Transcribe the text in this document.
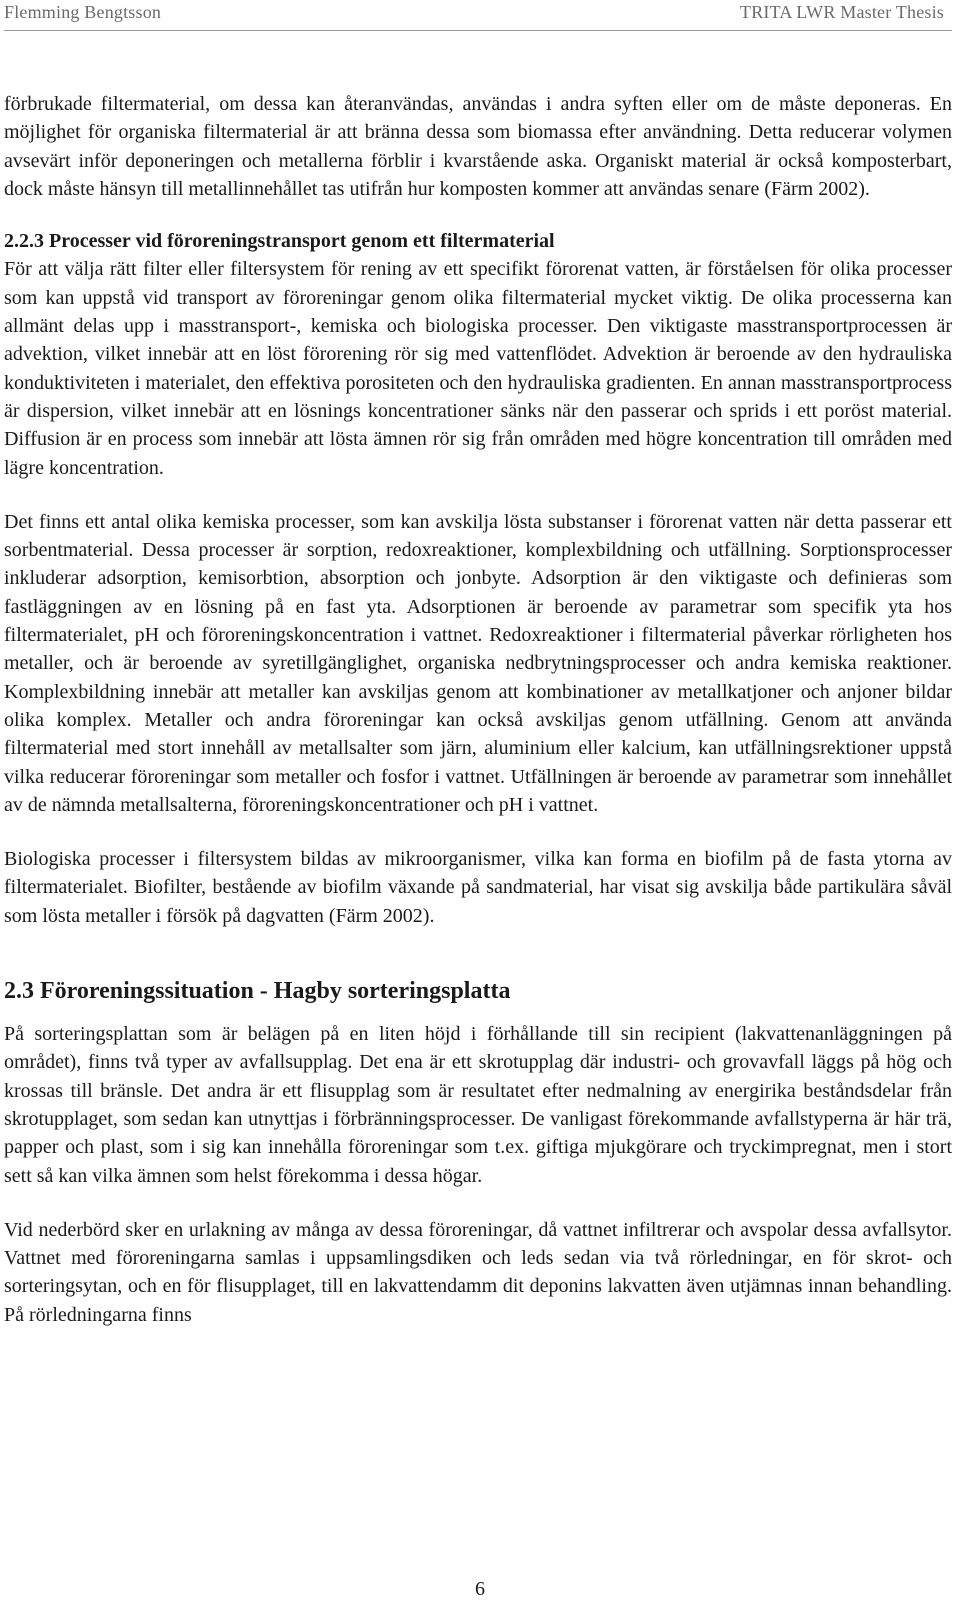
Flemming Bengtsson	TRITA LWR Master Thesis

förbrukade filtermaterial, om dessa kan återanvändas, användas i andra syften eller om de måste deponeras. En möjlighet för organiska filtermaterial är att bränna dessa som biomassa efter användning. Detta reducerar volymen avsevärt inför deponeringen och metallerna förblir i kvarstående aska. Organiskt material är också komposterbart, dock måste hänsyn till metallinnehållet tas utifrån hur komposten kommer att användas senare (Färm 2002).

2.2.3 Processer vid föroreningstransport genom ett filtermaterial

För att välja rätt filter eller filtersystem för rening av ett specifikt förorenat vatten, är förståelsen för olika processer som kan uppstå vid transport av föroreningar genom olika filtermaterial mycket viktig. De olika processerna kan allmänt delas upp i masstransport-, kemiska och biologiska processer. Den viktigaste masstransportprocessen är advektion, vilket innebär att en löst förorening rör sig med vattenflödet. Advektion är beroende av den hydrauliska konduktiviteten i materialet, den effektiva porositeten och den hydrauliska gradienten. En annan masstransportprocess är dispersion, vilket innebär att en lösnings koncentrationer sänks när den passerar och sprids i ett poröst material. Diffusion är en process som innebär att lösta ämnen rör sig från områden med högre koncentration till områden med lägre koncentration.

Det finns ett antal olika kemiska processer, som kan avskilja lösta substanser i förorenat vatten när detta passerar ett sorbentmaterial. Dessa processer är sorption, redoxreaktioner, komplexbildning och utfällning. Sorptionsprocesser inkluderar adsorption, kemisorbtion, absorption och jonbyte. Adsorption är den viktigaste och definieras som fastläggningen av en lösning på en fast yta. Adsorptionen är beroende av parametrar som specifik yta hos filtermaterialet, pH och föroreningskoncentration i vattnet. Redoxreaktioner i filtermaterial påverkar rörligheten hos metaller, och är beroende av syretillgänglighet, organiska nedbrytningsprocesser och andra kemiska reaktioner. Komplexbildning innebär att metaller kan avskiljas genom att kombinationer av metallkatjoner och anjoner bildar olika komplex. Metaller och andra föroreningar kan också avskiljas genom utfällning. Genom att använda filtermaterial med stort innehåll av metallsalter som järn, aluminium eller kalcium, kan utfällningsrektioner uppstå vilka reducerar föroreningar som metaller och fosfor i vattnet. Utfällningen är beroende av parametrar som innehållet av de nämnda metallsalterna, föroreningskoncentrationer och pH i vattnet.

Biologiska processer i filtersystem bildas av mikroorganismer, vilka kan forma en biofilm på de fasta ytorna av filtermaterialet. Biofilter, bestående av biofilm växande på sandmaterial, har visat sig avskilja både partikulära såväl som lösta metaller i försök på dagvatten (Färm 2002).

2.3 Föroreningssituation - Hagby sorteringsplatta

På sorteringsplattan som är belägen på en liten höjd i förhållande till sin recipient (lakvattenanläggningen på området), finns två typer av avfallsupplag. Det ena är ett skrotupplag där industri- och grovavfall läggs på hög och krossas till bränsle. Det andra är ett flisupplag som är resultatet efter nedmalning av energirika beståndsdelar från skrotupplaget, som sedan kan utnyttjas i förbränningsprocesser. De vanligast förekommande avfallstyperna är här trä, papper och plast, som i sig kan innehålla föroreningar som t.ex. giftiga mjukgörare och tryckimpregnat, men i stort sett så kan vilka ämnen som helst förekomma i dessa högar.

Vid nederbörd sker en urlakning av många av dessa föroreningar, då vattnet infiltrerar och avspolar dessa avfallsytor. Vattnet med föroreningarna samlas i uppsamlingsdiken och leds sedan via två rörledningar, en för skrot- och sorteringsytan, och en för flisupplaget, till en lakvattendamm dit deponins lakvatten även utjämnas innan behandling. På rörledningarna finns

6
